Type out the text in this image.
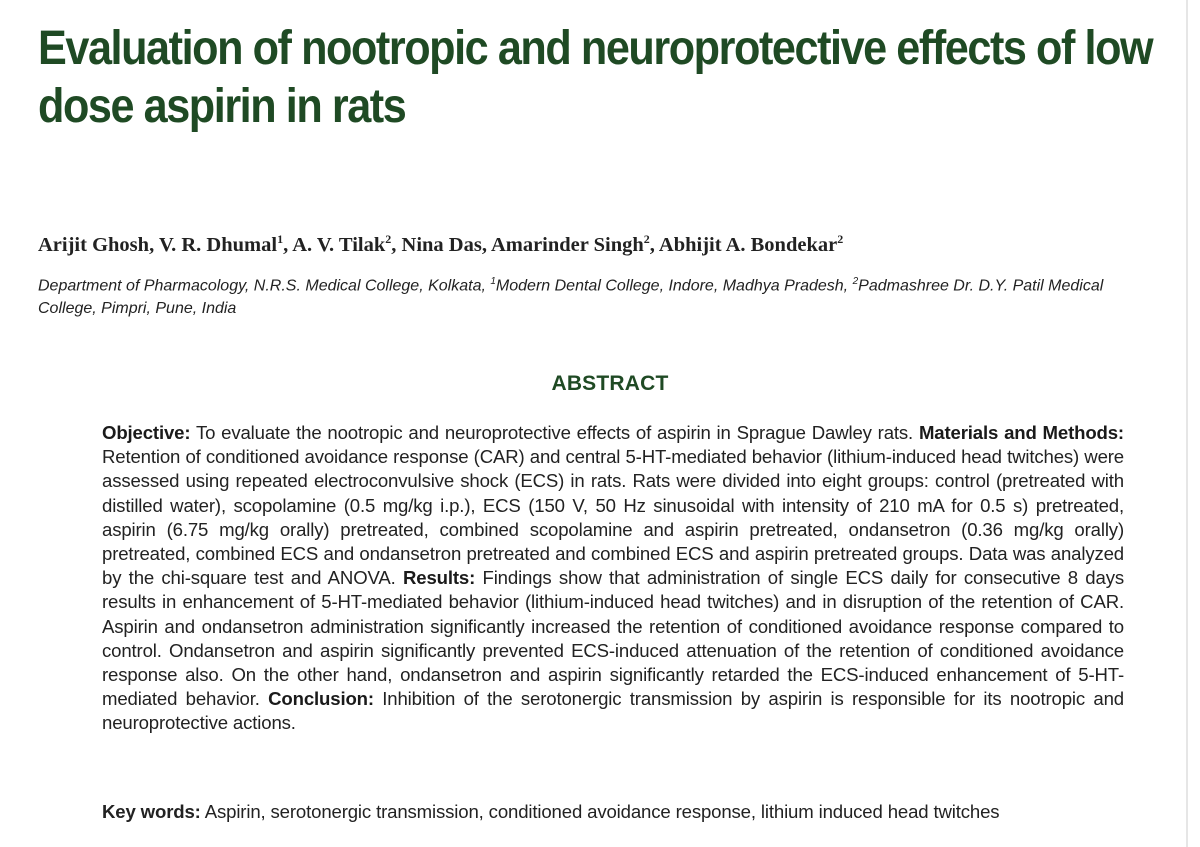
Evaluation of nootropic and neuroprotective effects of low dose aspirin in rats

Arijit Ghosh, V. R. Dhumal$^1$, A. V. Tilak$^2$, Nina Das, Amarinder Singh$^2$, Abhijit A. Bondekar$^2$

Department of Pharmacology, N.R.S. Medical College, Kolkata, $^1$Modern Dental College, Indore, Madhya Pradesh, $^2$Padmashree Dr. D.Y. Patil Medical College, Pimpri, Pune, India

ABSTRACT

Objective: To evaluate the nootropic and neuroprotective effects of aspirin in Sprague Dawley rats. Materials and Methods: Retention of conditioned avoidance response (CAR) and central 5-HT-mediated behavior (lithium-induced head twitches) were assessed using repeated electroconvulsive shock (ECS) in rats. Rats were divided into eight groups: control (pretreated with distilled water), scopolamine (0.5 mg/kg i.p.), ECS (150 V, 50 Hz sinusoidal with intensity of 210 mA for 0.5 s) pretreated, aspirin (6.75 mg/kg orally) pretreated, combined scopolamine and aspirin pretreated, ondansetron (0.36 mg/kg orally) pretreated, combined ECS and ondansetron pretreated and combined ECS and aspirin pretreated groups. Data was analyzed by the chi-square test and ANOVA. Results: Findings show that administration of single ECS daily for consecutive 8 days results in enhancement of 5-HT-mediated behavior (lithium-induced head twitches) and in disruption of the retention of CAR. Aspirin and ondansetron administration significantly increased the retention of conditioned avoidance response compared to control. Ondansetron and aspirin significantly prevented ECS-induced attenuation of the retention of conditioned avoidance response also. On the other hand, ondansetron and aspirin significantly retarded the ECS-induced enhancement of 5-HT-mediated behavior. Conclusion: Inhibition of the serotonergic transmission by aspirin is responsible for its nootropic and neuroprotective actions.

Key words: Aspirin, serotonergic transmission, conditioned avoidance response, lithium induced head twitches
